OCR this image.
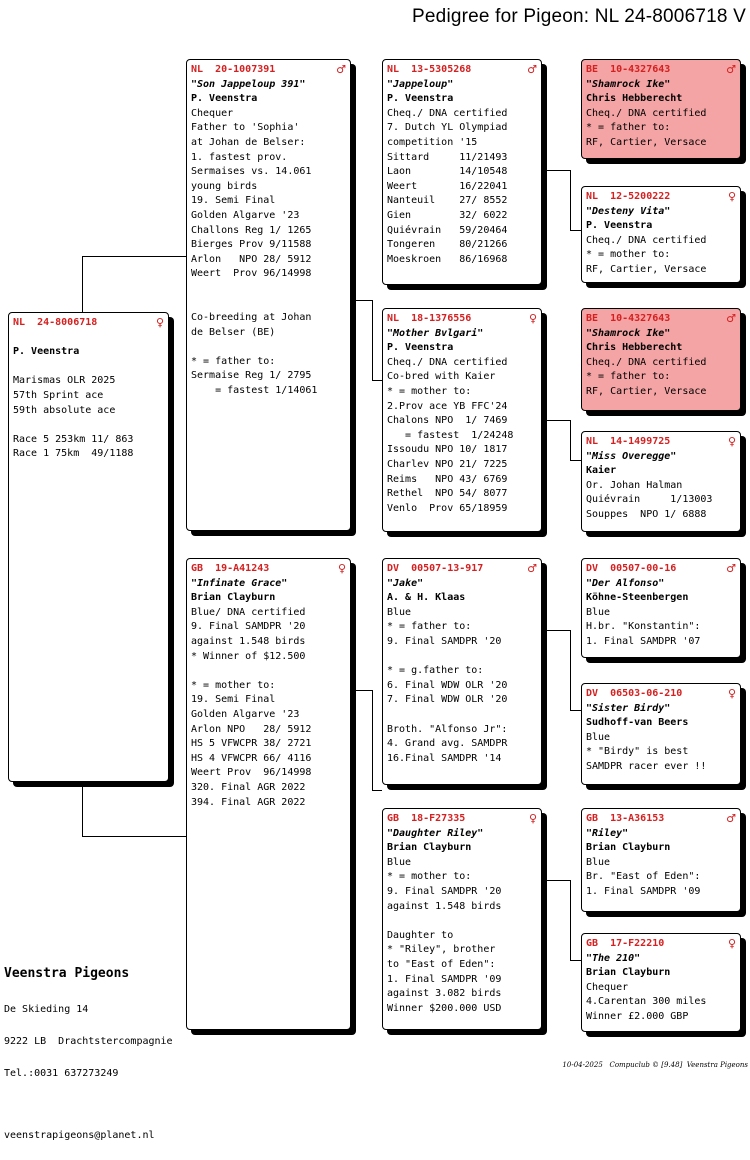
Pedigree for Pigeon: NL 24-8006718 V
NL  24-8006718	♀
P. Veenstra
Marismas OLR 2025
57th Sprint ace
59th absolute ace
Race 5 253km 11/ 863
Race 1 75km  49/1188
NL  20-1007391	♂
"Son Jappeloup 391"
P. Veenstra
Chequer
Father to 'Sophia'
at Johan de Belser:
1. fastest prov.
Sermaises vs. 14.061
young birds
19. Semi Final
Golden Algarve '23
Challons Reg 1/ 1265
Bierges Prov 9/11588
Arlon   NPO 28/ 5912
Weert  Prov 96/14998
Co-breeding at Johan
de Belser (BE)
* = father to:
Sermaise Reg 1/ 2795
= fastest 1/14061
GB  19-A41243	♀
"Infinate Grace"
Brian Clayburn
Blue/ DNA certified
9. Final SAMDPR '20
against 1.548 birds
* Winner of $12.500
* = mother to:
19. Semi Final
Golden Algarve '23
Arlon NPO   28/ 5912
HS 5 VFWCPR 38/ 2721
HS 4 VFWCPR 66/ 4116
Weert Prov  96/14998
320. Final AGR 2022
394. Final AGR 2022
NL  13-5305268	♂
"Jappeloup"
P. Veenstra
Cheq./ DNA certified
7. Dutch YL Olympiad
competition '15
Sittard     11/21493
Laon        14/10548
Weert       16/22041
Nanteuil    27/ 8552
Gien        32/ 6022
Quiévrain   59/20464
Tongeren    80/21266
Moeskroen   86/16968
NL  18-1376556	♀
"Mother Bvlgari"
P. Veenstra
Cheq./ DNA certified
Co-bred with Kaier
* = mother to:
2.Prov ace YB FFC'24
Chalons NPO  1/ 7469
= fastest  1/24248
Issoudu NPO 10/ 1817
Charlev NPO 21/ 7225
Reims   NPO 43/ 6769
Rethel  NPO 54/ 8077
Venlo  Prov 65/18959
DV  00507-13-917	♂
"Jake"
A. & H. Klaas
Blue
* = father to:
9. Final SAMDPR '20
* = g.father to:
6. Final WDW OLR '20
7. Final WDW OLR '20
Broth. "Alfonso Jr":
4. Grand avg. SAMDPR
16.Final SAMDPR '14
GB  18-F27335	♀
"Daughter Riley"
Brian Clayburn
Blue
* = mother to:
9. Final SAMDPR '20
against 1.548 birds
Daughter to
* "Riley", brother
to "East of Eden":
1. Final SAMDPR '09
against 3.082 birds
Winner $200.000 USD
BE  10-4327643	♂
"Shamrock Ike"
Chris Hebberecht
Cheq./ DNA certified
* = father to:
RF, Cartier, Versace
NL  12-5200222	♀
"Desteny Vita"
P. Veenstra
Cheq./ DNA certified
* = mother to:
RF, Cartier, Versace
BE  10-4327643	♂
"Shamrock Ike"
Chris Hebberecht
Cheq./ DNA certified
* = father to:
RF, Cartier, Versace
NL  14-1499725	♀
"Miss Overegge"
Kaier
Or. Johan Halman
Quiévrain     1/13003
Souppes  NPO 1/ 6888
DV  00507-00-16	♂
"Der Alfonso"
Köhne-Steenbergen
Blue
H.br. "Konstantin":
1. Final SAMDPR '07
DV  06503-06-210	♀
"Sister Birdy"
Sudhoff-van Beers
Blue
* "Birdy" is best
SAMDPR racer ever !!
GB  13-A36153	♂
"Riley"
Brian Clayburn
Blue
Br. "East of Eden":
1. Final SAMDPR '09
GB  17-F22210	♀
"The 210"
Brian Clayburn
Chequer
4.Carentan 300 miles
Winner £2.000 GBP

Veenstra Pigeons

De Skieding 14

9222 LB  Drachtstercompagnie

Tel.:0031 637273249

veenstrapigeons@planet.nl

10-04-2025   Compuclub © [9.48]  Veenstra Pigeons
